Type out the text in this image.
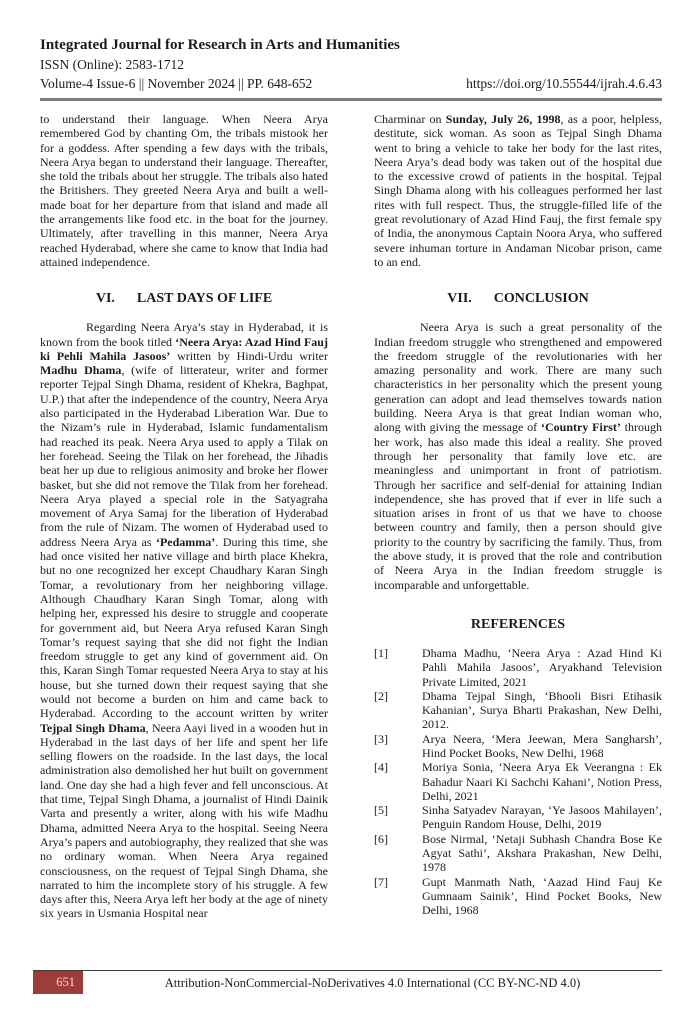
Integrated Journal for Research in Arts and Humanities
ISSN (Online): 2583-1712
Volume-4 Issue-6 || November 2024 || PP. 648-652	https://doi.org/10.55544/ijrah.4.6.43

to understand their language. When Neera Arya remembered God by chanting Om, the tribals mistook her for a goddess. After spending a few days with the tribals, Neera Arya began to understand their language. Thereafter, she told the tribals about her struggle. The tribals also hated the Britishers. They greeted Neera Arya and built a well-made boat for her departure from that island and made all the arrangements like food etc. in the boat for the journey. Ultimately, after travelling in this manner, Neera Arya reached Hyderabad, where she came to know that India had attained independence.

VI. LAST DAYS OF LIFE

Regarding Neera Arya’s stay in Hyderabad, it is known from the book titled ‘Neera Arya: Azad Hind Fauj ki Pehli Mahila Jasoos’ written by Hindi-Urdu writer Madhu Dhama, (wife of litterateur, writer and former reporter Tejpal Singh Dhama, resident of Khekra, Baghpat, U.P.) that after the independence of the country, Neera Arya also participated in the Hyderabad Liberation War. Due to the Nizam’s rule in Hyderabad, Islamic fundamentalism had reached its peak. Neera Arya used to apply a Tilak on her forehead. Seeing the Tilak on her forehead, the Jihadis beat her up due to religious animosity and broke her flower basket, but she did not remove the Tilak from her forehead. Neera Arya played a special role in the Satyagraha movement of Arya Samaj for the liberation of Hyderabad from the rule of Nizam. The women of Hyderabad used to address Neera Arya as ‘Pedamma’. During this time, she had once visited her native village and birth place Khekra, but no one recognized her except Chaudhary Karan Singh Tomar, a revolutionary from her neighboring village. Although Chaudhary Karan Singh Tomar, along with helping her, expressed his desire to struggle and cooperate for government aid, but Neera Arya refused Karan Singh Tomar’s request saying that she did not fight the Indian freedom struggle to get any kind of government aid. On this, Karan Singh Tomar requested Neera Arya to stay at his house, but she turned down their request saying that she would not become a burden on him and came back to Hyderabad. According to the account written by writer Tejpal Singh Dhama, Neera Aayi lived in a wooden hut in Hyderabad in the last days of her life and spent her life selling flowers on the roadside. In the last days, the local administration also demolished her hut built on government land. One day she had a high fever and fell unconscious. At that time, Tejpal Singh Dhama, a journalist of Hindi Dainik Varta and presently a writer, along with his wife Madhu Dhama, admitted Neera Arya to the hospital. Seeing Neera Arya’s papers and autobiography, they realized that she was no ordinary woman. When Neera Arya regained consciousness, on the request of Tejpal Singh Dhama, she narrated to him the incomplete story of his struggle. A few days after this, Neera Arya left her body at the age of ninety six years in Usmania Hospital near

Charminar on Sunday, July 26, 1998, as a poor, helpless, destitute, sick woman. As soon as Tejpal Singh Dhama went to bring a vehicle to take her body for the last rites, Neera Arya’s dead body was taken out of the hospital due to the excessive crowd of patients in the hospital. Tejpal Singh Dhama along with his colleagues performed her last rites with full respect. Thus, the struggle-filled life of the great revolutionary of Azad Hind Fauj, the first female spy of India, the anonymous Captain Noora Arya, who suffered severe inhuman torture in Andaman Nicobar prison, came to an end.

VII. CONCLUSION

Neera Arya is such a great personality of the Indian freedom struggle who strengthened and empowered the freedom struggle of the revolutionaries with her amazing personality and work. There are many such characteristics in her personality which the present young generation can adopt and lead themselves towards nation building. Neera Arya is that great Indian woman who, along with giving the message of ‘Country First’ through her work, has also made this ideal a reality. She proved through her personality that family love etc. are meaningless and unimportant in front of patriotism. Through her sacrifice and self-denial for attaining Indian independence, she has proved that if ever in life such a situation arises in front of us that we have to choose between country and family, then a person should give priority to the country by sacrificing the family. Thus, from the above study, it is proved that the role and contribution of Neera Arya in the Indian freedom struggle is incomparable and unforgettable.

REFERENCES
[1]	Dhama Madhu, ‘Neera Arya : Azad Hind Ki Pahli Mahila Jasoos’, Aryakhand Television Private Limited, 2021
[2]	Dhama Tejpal Singh, ‘Bhooli Bisri Etihasik Kahanian’, Surya Bharti Prakashan, New Delhi, 2012.
[3]	Arya Neera, ‘Mera Jeewan, Mera Sangharsh’, Hind Pocket Books, New Delhi, 1968
[4]	Moriya Sonia, ‘Neera Arya Ek Veerangna : Ek Bahadur Naari Ki Sachchi Kahani’, Notion Press, Delhi, 2021
[5]	Sinha Satyadev Narayan, ‘Ye Jasoos Mahilayen’, Penguin Random House, Delhi, 2019
[6]	Bose Nirmal, ‘Netaji Subhash Chandra Bose Ke Agyat Sathi’, Akshara Prakashan, New Delhi, 1978
[7]	Gupt Manmath Nath, ‘Aazad Hind Fauj Ke Gumnaam Sainik’, Hind Pocket Books, New Delhi, 1968
651	Attribution-NonCommercial-NoDerivatives 4.0 International (CC BY-NC-ND 4.0)
